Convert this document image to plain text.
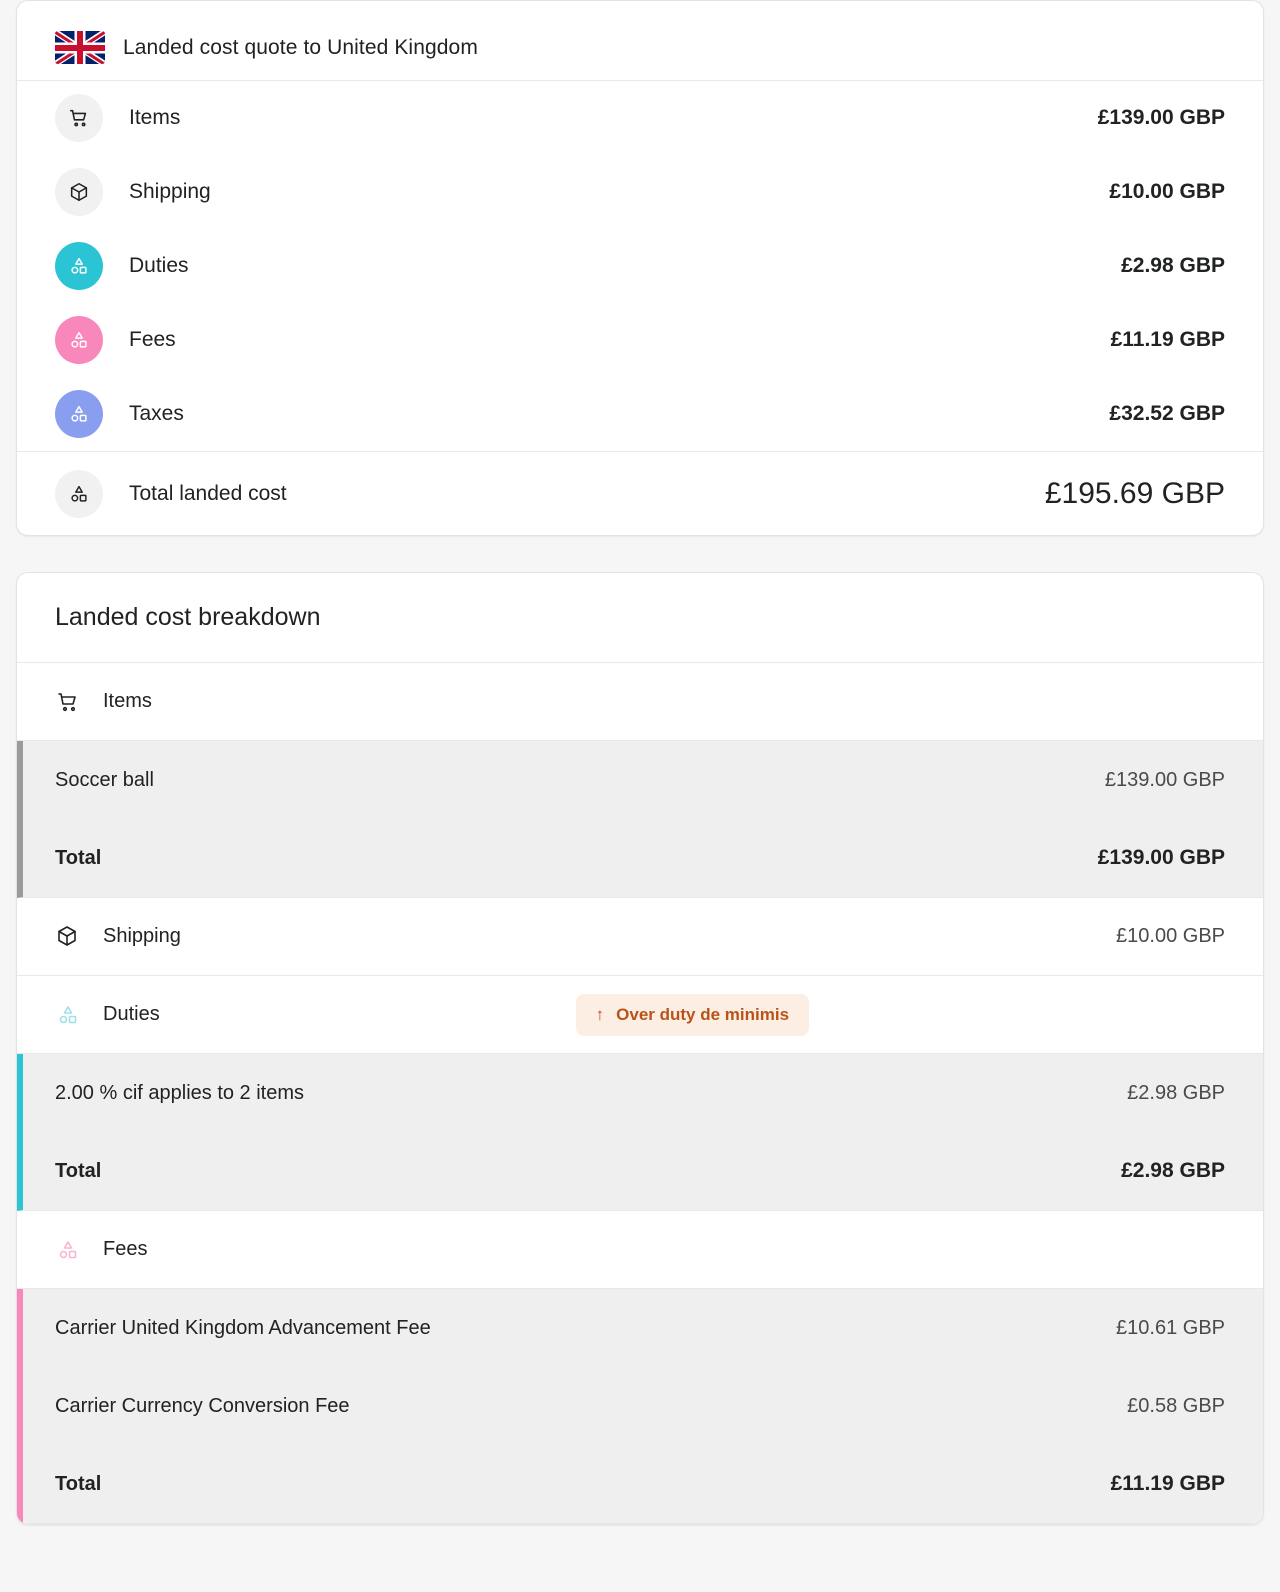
Landed cost quote to United Kingdom
Items	£139.00 GBP
Shipping	£10.00 GBP
Duties	£2.98 GBP
Fees	£11.19 GBP
Taxes	£32.52 GBP
Total landed cost	£195.69 GBP
Landed cost breakdown
Items
Soccer ball	£139.00 GBP
Total	£139.00 GBP
Shipping	£10.00 GBP
Duties	↑ Over duty de minimis
2.00 % cif applies to 2 items	£2.98 GBP
Total	£2.98 GBP
Fees
Carrier United Kingdom Advancement Fee	£10.61 GBP
Carrier Currency Conversion Fee	£0.58 GBP
Total	£11.19 GBP
